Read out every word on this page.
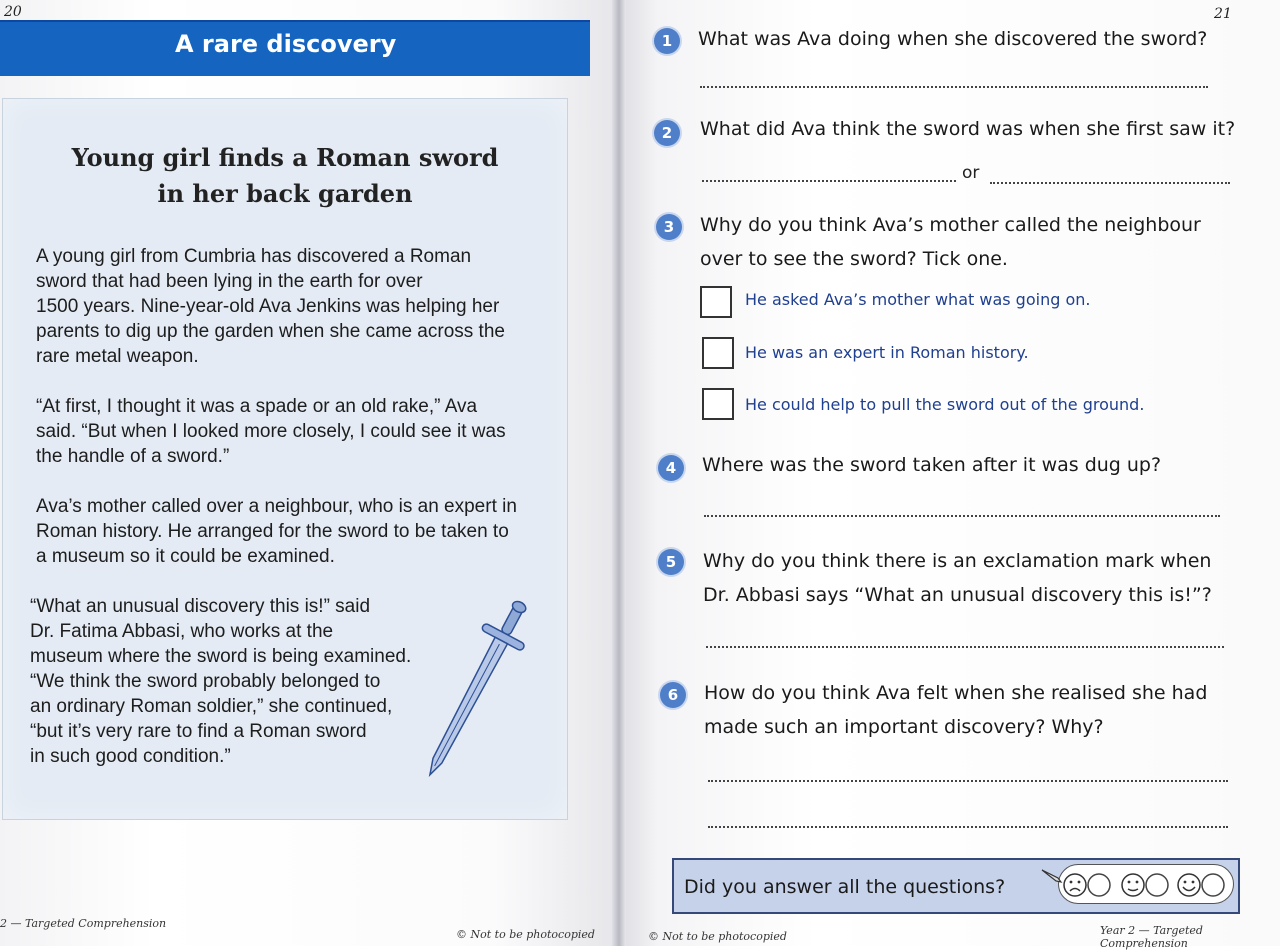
20
A rare discovery
Young girl finds a Roman sword
in her back garden
A young girl from Cumbria has discovered a Roman
sword that had been lying in the earth for over
1500 years. Nine-year-old Ava Jenkins was helping her
parents to dig up the garden when she came across the
rare metal weapon.
“At first, I thought it was a spade or an old rake,” Ava
said. “But when I looked more closely, I could see it was
the handle of a sword.”
Ava’s mother called over a neighbour, who is an expert in
Roman history. He arranged for the sword to be taken to
a museum so it could be examined.
“What an unusual discovery this is!” said
Dr. Fatima Abbasi, who works at the
museum where the sword is being examined.
“We think the sword probably belonged to
an ordinary Roman soldier,” she continued,
“but it’s very rare to find a Roman sword
in such good condition.”
2 — Targeted Comprehension
© Not to be photocopied
21
1	What was Ava doing when she discovered the sword?
2	What did Ava think the sword was when she first saw it?
or
3	Why do you think Ava’s mother called the neighbour
over to see the sword? Tick one.
He asked Ava’s mother what was going on.
He was an expert in Roman history.
He could help to pull the sword out of the ground.
4	Where was the sword taken after it was dug up?
5	Why do you think there is an exclamation mark when
Dr. Abbasi says “What an unusual discovery this is!”?
6	How do you think Ava felt when she realised she had
made such an important discovery? Why?
Did you answer all the questions?
© Not to be photocopied	Year 2 — Targeted Comprehension
